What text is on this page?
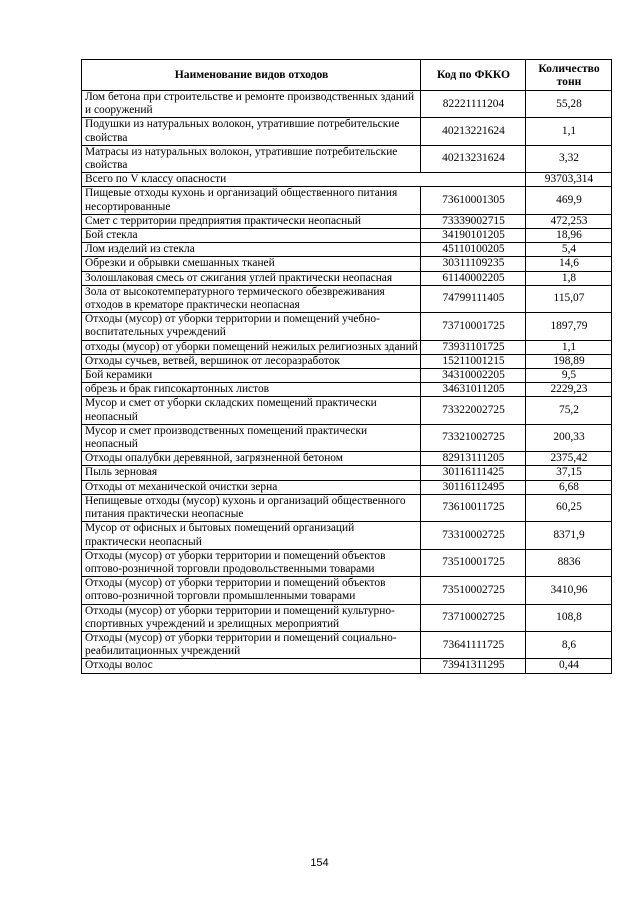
Наименование видов отходов	Код по ФККО	Количество тонн
Лом бетона при строительстве и ремонте производственных зданий и сооружений	82221111204	55,28
Подушки из натуральных волокон, утратившие потребительские свойства	40213221624	1,1
Матрасы из натуральных волокон, утратившие потребительские свойства	40213231624	3,32
Всего по V классу опасности		93703,314
Пищевые отходы кухонь и организаций общественного питания несортированные	73610001305	469,9
Смет с территории предприятия практически неопасный	73339002715	472,253
Бой стекла	34190101205	18,96
Лом изделий из стекла	45110100205	5,4
Обрезки и обрывки смешанных тканей	30311109235	14,6
Золошлаковая смесь от сжигания углей практически неопасная	61140002205	1,8
Зола от высокотемпературного термического обезвреживания отходов в крематоре практически неопасная	74799111405	115,07
Отходы (мусор) от уборки территории и помещений учебно-воспитательных учреждений	73710001725	1897,79
отходы (мусор) от уборки помещений нежилых религиозных зданий	73931101725	1,1
Отходы сучьев, ветвей, вершинок от лесоразработок	15211001215	198,89
Бой керамики	34310002205	9,5
обрезь и брак гипсокартонных листов	34631011205	2229,23
Мусор и смет от уборки складских помещений практически неопасный	73322002725	75,2
Мусор и смет производственных помещений практически неопасный	73321002725	200,33
Отходы опалубки деревянной, загрязненной бетоном	82913111205	2375,42
Пыль зерновая	30116111425	37,15
Отходы от механической очистки зерна	30116112495	6,68
Непищевые отходы (мусор) кухонь и организаций общественного питания практически неопасные	73610011725	60,25
Мусор от офисных и бытовых помещений организаций практически неопасный	73310002725	8371,9
Отходы (мусор) от уборки территории и помещений объектов оптово-розничной торговли продовольственными товарами	73510001725	8836
Отходы (мусор) от уборки территории и помещений объектов оптово-розничной торговли промышленными товарами	73510002725	3410,96
Отходы (мусор) от уборки территории и помещений культурно-спортивных учреждений и зрелищных мероприятий	73710002725	108,8
Отходы (мусор) от уборки территории и помещений социально-реабилитационных учреждений	73641111725	8,6
Отходы волос	73941311295	0,44
154
